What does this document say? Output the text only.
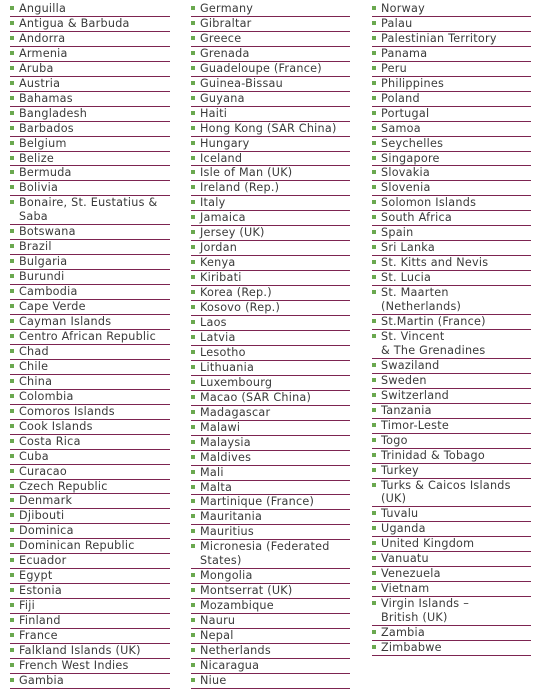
Anguilla
Antigua & Barbuda
Andorra
Armenia
Aruba
Austria
Bahamas
Bangladesh
Barbados
Belgium
Belize
Bermuda
Bolivia
Bonaire, St. Eustatius &
Saba
Botswana
Brazil
Bulgaria
Burundi
Cambodia
Cape Verde
Cayman Islands
Centro African Republic
Chad
Chile
China
Colombia
Comoros Islands
Cook Islands
Costa Rica
Cuba
Curacao
Czech Republic
Denmark
Djibouti
Dominica
Dominican Republic
Ecuador
Egypt
Estonia
Fiji
Finland
France
Falkland Islands (UK)
French West Indies
Gambia
Germany
Gibraltar
Greece
Grenada
Guadeloupe (France)
Guinea-Bissau
Guyana
Haiti
Hong Kong (SAR China)
Hungary
Iceland
Isle of Man (UK)
Ireland (Rep.)
Italy
Jamaica
Jersey (UK)
Jordan
Kenya
Kiribati
Korea (Rep.)
Kosovo (Rep.)
Laos
Latvia
Lesotho
Lithuania
Luxembourg
Macao (SAR China)
Madagascar
Malawi
Malaysia
Maldives
Mali
Malta
Martinique (France)
Mauritania
Mauritius
Micronesia (Federated
States)
Mongolia
Montserrat (UK)
Mozambique
Nauru
Nepal
Netherlands
Nicaragua
Niue
Norway
Palau
Palestinian Territory
Panama
Peru
Philippines
Poland
Portugal
Samoa
Seychelles
Singapore
Slovakia
Slovenia
Solomon Islands
South Africa
Spain
Sri Lanka
St. Kitts and Nevis
St. Lucia
St. Maarten
(Netherlands)
St.Martin (France)
St. Vincent
& The Grenadines
Swaziland
Sweden
Switzerland
Tanzania
Timor-Leste
Togo
Trinidad & Tobago
Turkey
Turks & Caicos Islands
(UK)
Tuvalu
Uganda
United Kingdom
Vanuatu
Venezuela
Vietnam
Virgin Islands –
British (UK)
Zambia
Zimbabwe
